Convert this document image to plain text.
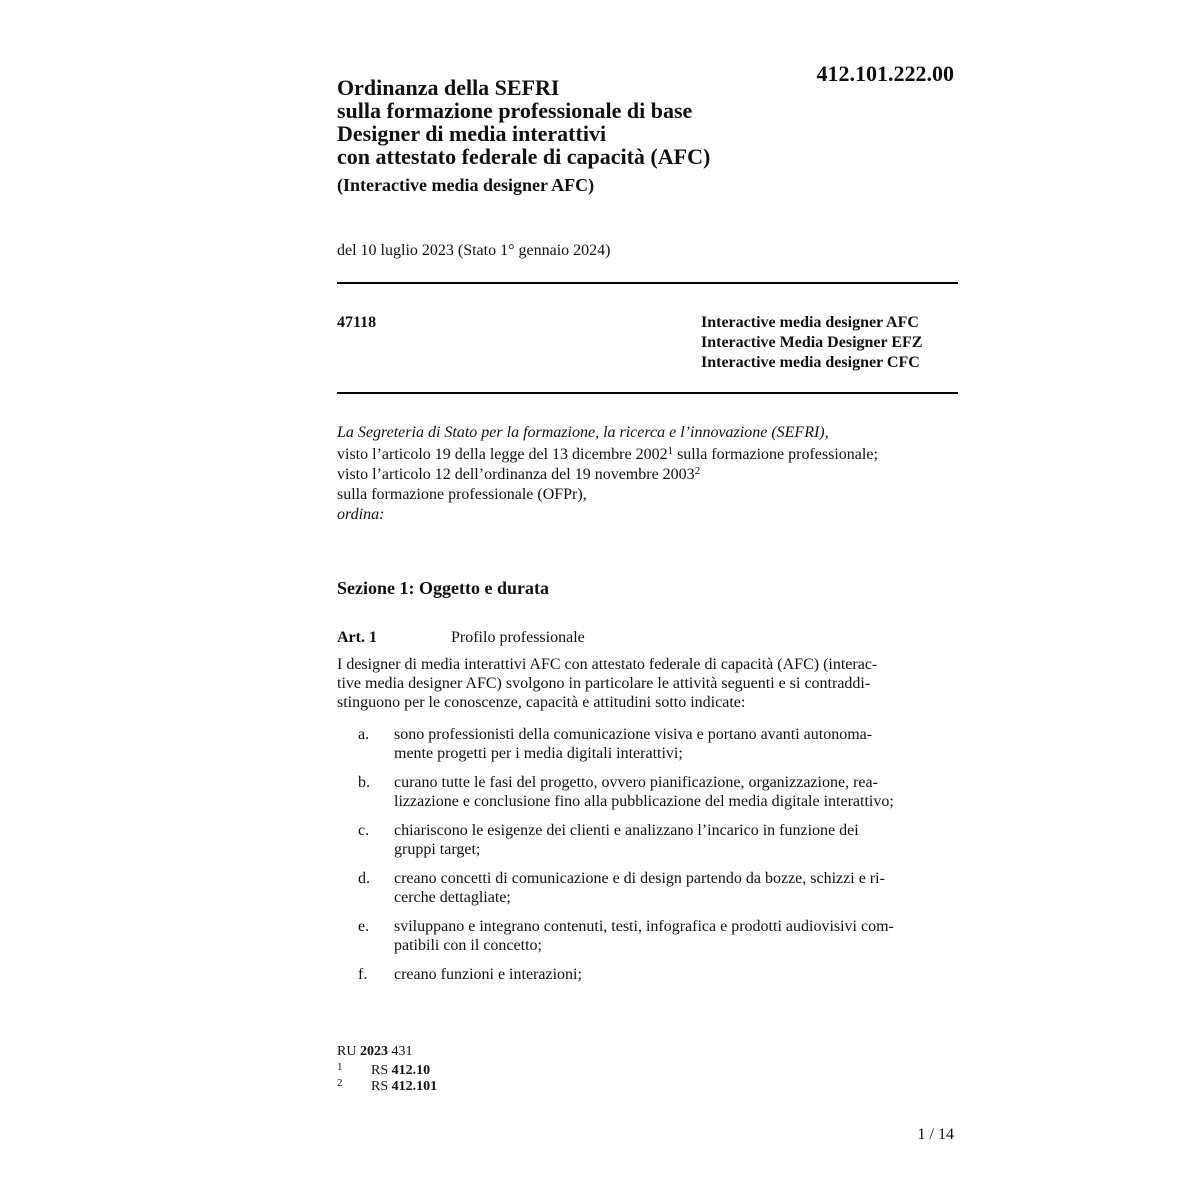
412.101.222.00
Ordinanza della SEFRI
sulla formazione professionale di base
Designer di media interattivi
con attestato federale di capacità (AFC)
(Interactive media designer AFC)
del 10 luglio 2023 (Stato 1° gennaio 2024)
47118	Interactive media designer AFC
Interactive Media Designer EFZ
Interactive media designer CFC
La Segreteria di Stato per la formazione, la ricerca e l’innovazione (SEFRI),
visto l’articolo 19 della legge del 13 dicembre 2002$^1$ sulla formazione professionale;
visto l’articolo 12 dell’ordinanza del 19 novembre 2003$^2$
sulla formazione professionale (OFPr),
ordina:
Sezione 1: Oggetto e durata
Art. 1	Profilo professionale
I designer di media interattivi AFC con attestato federale di capacità (AFC) (interac-
tive media designer AFC) svolgono in particolare le attività seguenti e si contraddi-
stinguono per le conoscenze, capacità e attitudini sotto indicate:
a. sono professionisti della comunicazione visiva e portano avanti autonoma-
mente progetti per i media digitali interattivi;
b. curano tutte le fasi del progetto, ovvero pianificazione, organizzazione, rea-
lizzazione e conclusione fino alla pubblicazione del media digitale interattivo;
c. chiariscono le esigenze dei clienti e analizzano l’incarico in funzione dei
gruppi target;
d. creano concetti di comunicazione e di design partendo da bozze, schizzi e ri-
cerche dettagliate;
e. sviluppano e integrano contenuti, testi, infografica e prodotti audiovisivi com-
patibili con il concetto;
f. creano funzioni e interazioni;
RU 2023 431
1 RS 412.10
2 RS 412.101
1 / 14
